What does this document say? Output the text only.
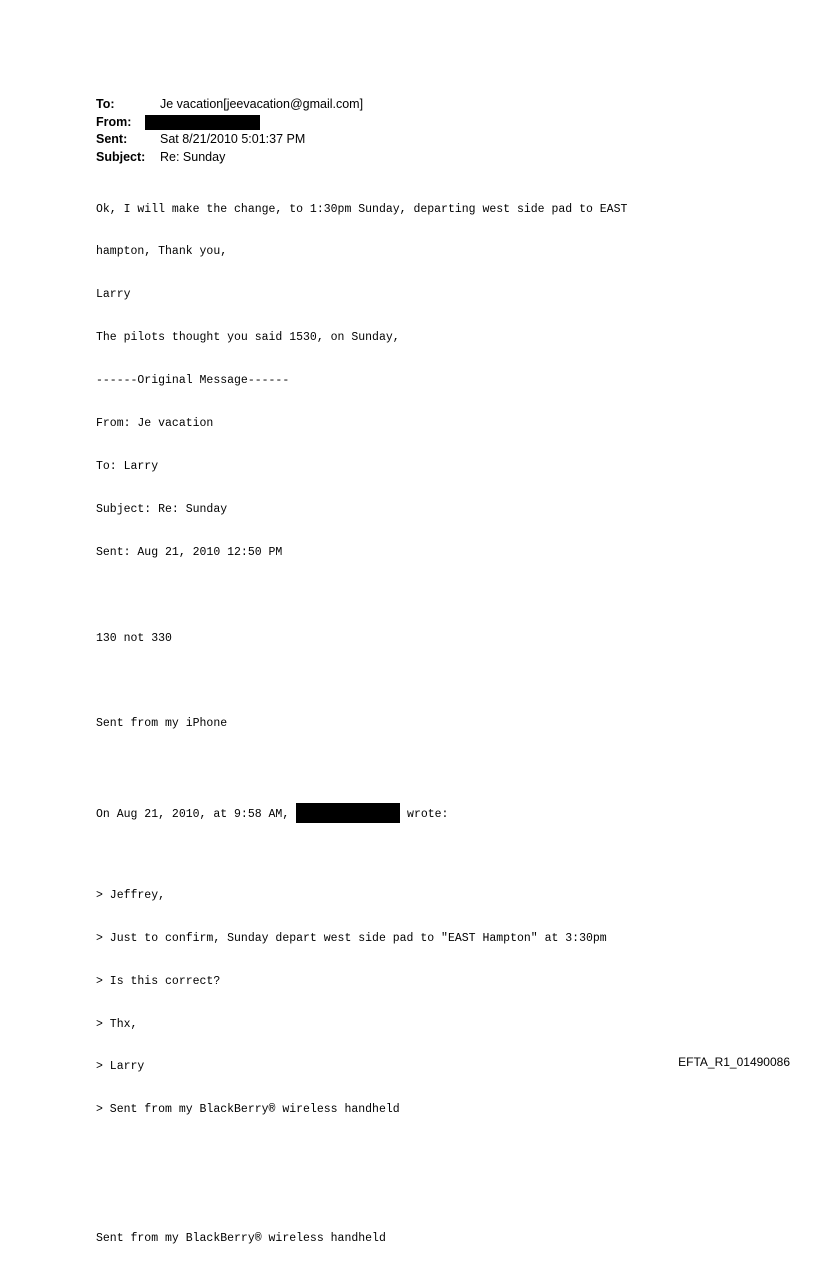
To:	Je vacation[jeevacation@gmail.com]
From:
Sent:	Sat 8/21/2010 5:01:37 PM
Subject: Re: Sunday

Ok, I will make the change, to 1:30pm Sunday, departing west side pad to EAST

hampton, Thank you,

Larry

The pilots thought you said 1530, on Sunday,

------Original Message------

From: Je vacation

To: Larry

Subject: Re: Sunday

Sent: Aug 21, 2010 12:50 PM

130 not 330

Sent from my iPhone

On Aug 21, 2010, at 9:58 AM,	wrote:

> Jeffrey,

> Just to confirm, Sunday depart west side pad to "EAST Hampton" at 3:30pm

> Is this correct?

> Thx,

> Larry

> Sent from my BlackBerry® wireless handheld

Sent from my BlackBerry® wireless handheld

EFTA_R1_01490086
